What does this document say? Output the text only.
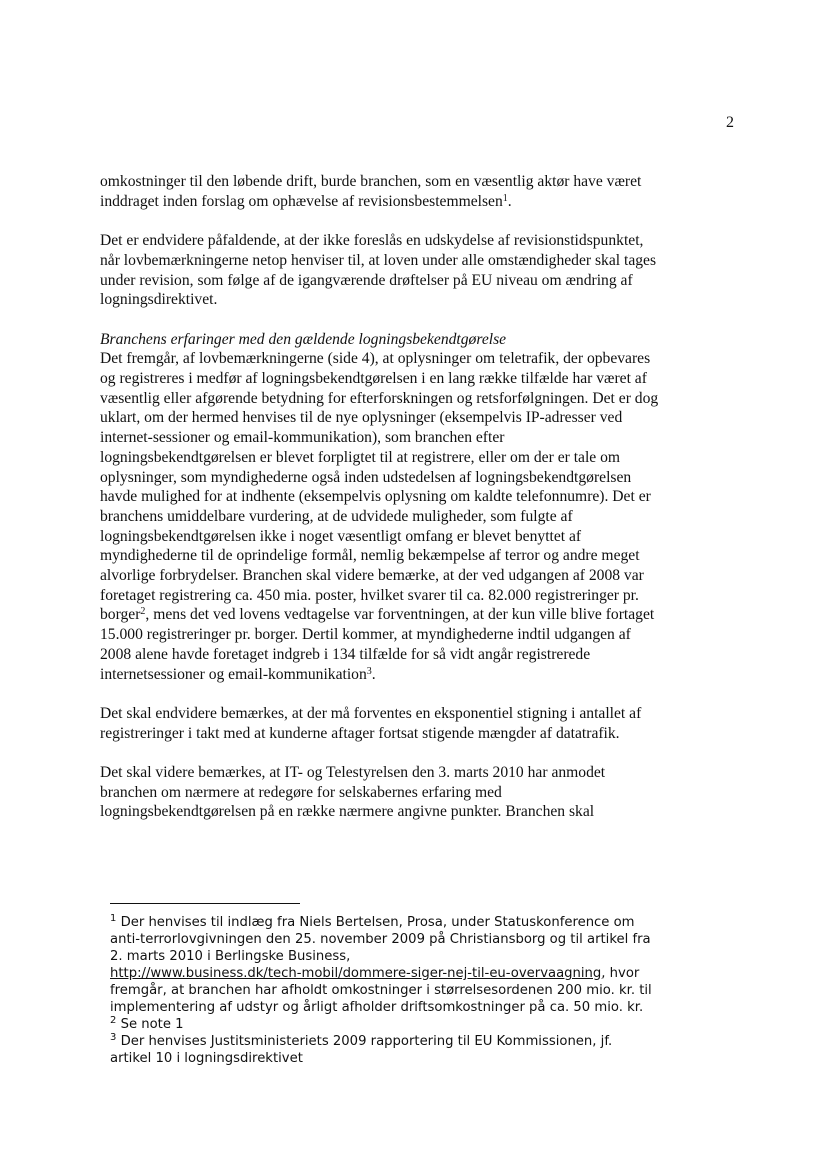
2

omkostninger til den løbende drift, burde branchen, som en væsentlig aktør have været inddraget inden forslag om ophævelse af revisionsbestemmelsen$^1$.

Det er endvidere påfaldende, at der ikke foreslås en udskydelse af revisionstidspunktet, når lovbemærkningerne netop henviser til, at loven under alle omstændigheder skal tages under revision, som følge af de igangværende drøftelser på EU niveau om ændring af logningsdirektivet.

Branchens erfaringer med den gældende logningsbekendtgørelse

Det fremgår, af lovbemærkningerne (side 4), at oplysninger om teletrafik, der opbevares og registreres i medfør af logningsbekendtgørelsen i en lang række tilfælde har været af væsentlig eller afgørende betydning for efterforskningen og retsforfølgningen. Det er dog uklart, om der hermed henvises til de nye oplysninger (eksempelvis IP-adresser ved internet-sessioner og email-kommunikation), som branchen efter logningsbekendtgørelsen er blevet forpligtet til at registrere, eller om der er tale om oplysninger, som myndighederne også inden udstedelsen af logningsbekendtgørelsen havde mulighed for at indhente (eksempelvis oplysning om kaldte telefonnumre). Det er branchens umiddelbare vurdering, at de udvidede muligheder, som fulgte af logningsbekendtgørelsen ikke i noget væsentligt omfang er blevet benyttet af myndighederne til de oprindelige formål, nemlig bekæmpelse af terror og andre meget alvorlige forbrydelser. Branchen skal videre bemærke, at der ved udgangen af 2008 var foretaget registrering ca. 450 mia. poster, hvilket svarer til ca. 82.000 registreringer pr. borger$^2$, mens det ved lovens vedtagelse var forventningen, at der kun ville blive fortaget 15.000 registreringer pr. borger. Dertil kommer, at myndighederne indtil udgangen af 2008 alene havde foretaget indgreb i 134 tilfælde for så vidt angår registrerede internetsessioner og email-kommunikation$^3$.

Det skal endvidere bemærkes, at der må forventes en eksponentiel stigning i antallet af registreringer i takt med at kunderne aftager fortsat stigende mængder af datatrafik.

Det skal videre bemærkes, at IT- og Telestyrelsen den 3. marts 2010 har anmodet branchen om nærmere at redegøre for selskabernes erfaring med logningsbekendtgørelsen på en række nærmere angivne punkter. Branchen skal

$^1$ Der henvises til indlæg fra Niels Bertelsen, Prosa, under Statuskonference om anti-terrorlovgivningen den 25. november 2009 på Christiansborg og til artikel fra 2. marts 2010 i Berlingske Business,
http://www.business.dk/tech-mobil/dommere-siger-nej-til-eu-overvaagning, hvor fremgår, at branchen har afholdt omkostninger i størrelsesordenen 200 mio. kr. til implementering af udstyr og årligt afholder driftsomkostninger på ca. 50 mio. kr.
$^2$ Se note 1
$^3$ Der henvises Justitsministeriets 2009 rapportering til EU Kommissionen, jf. artikel 10 i logningsdirektivet
